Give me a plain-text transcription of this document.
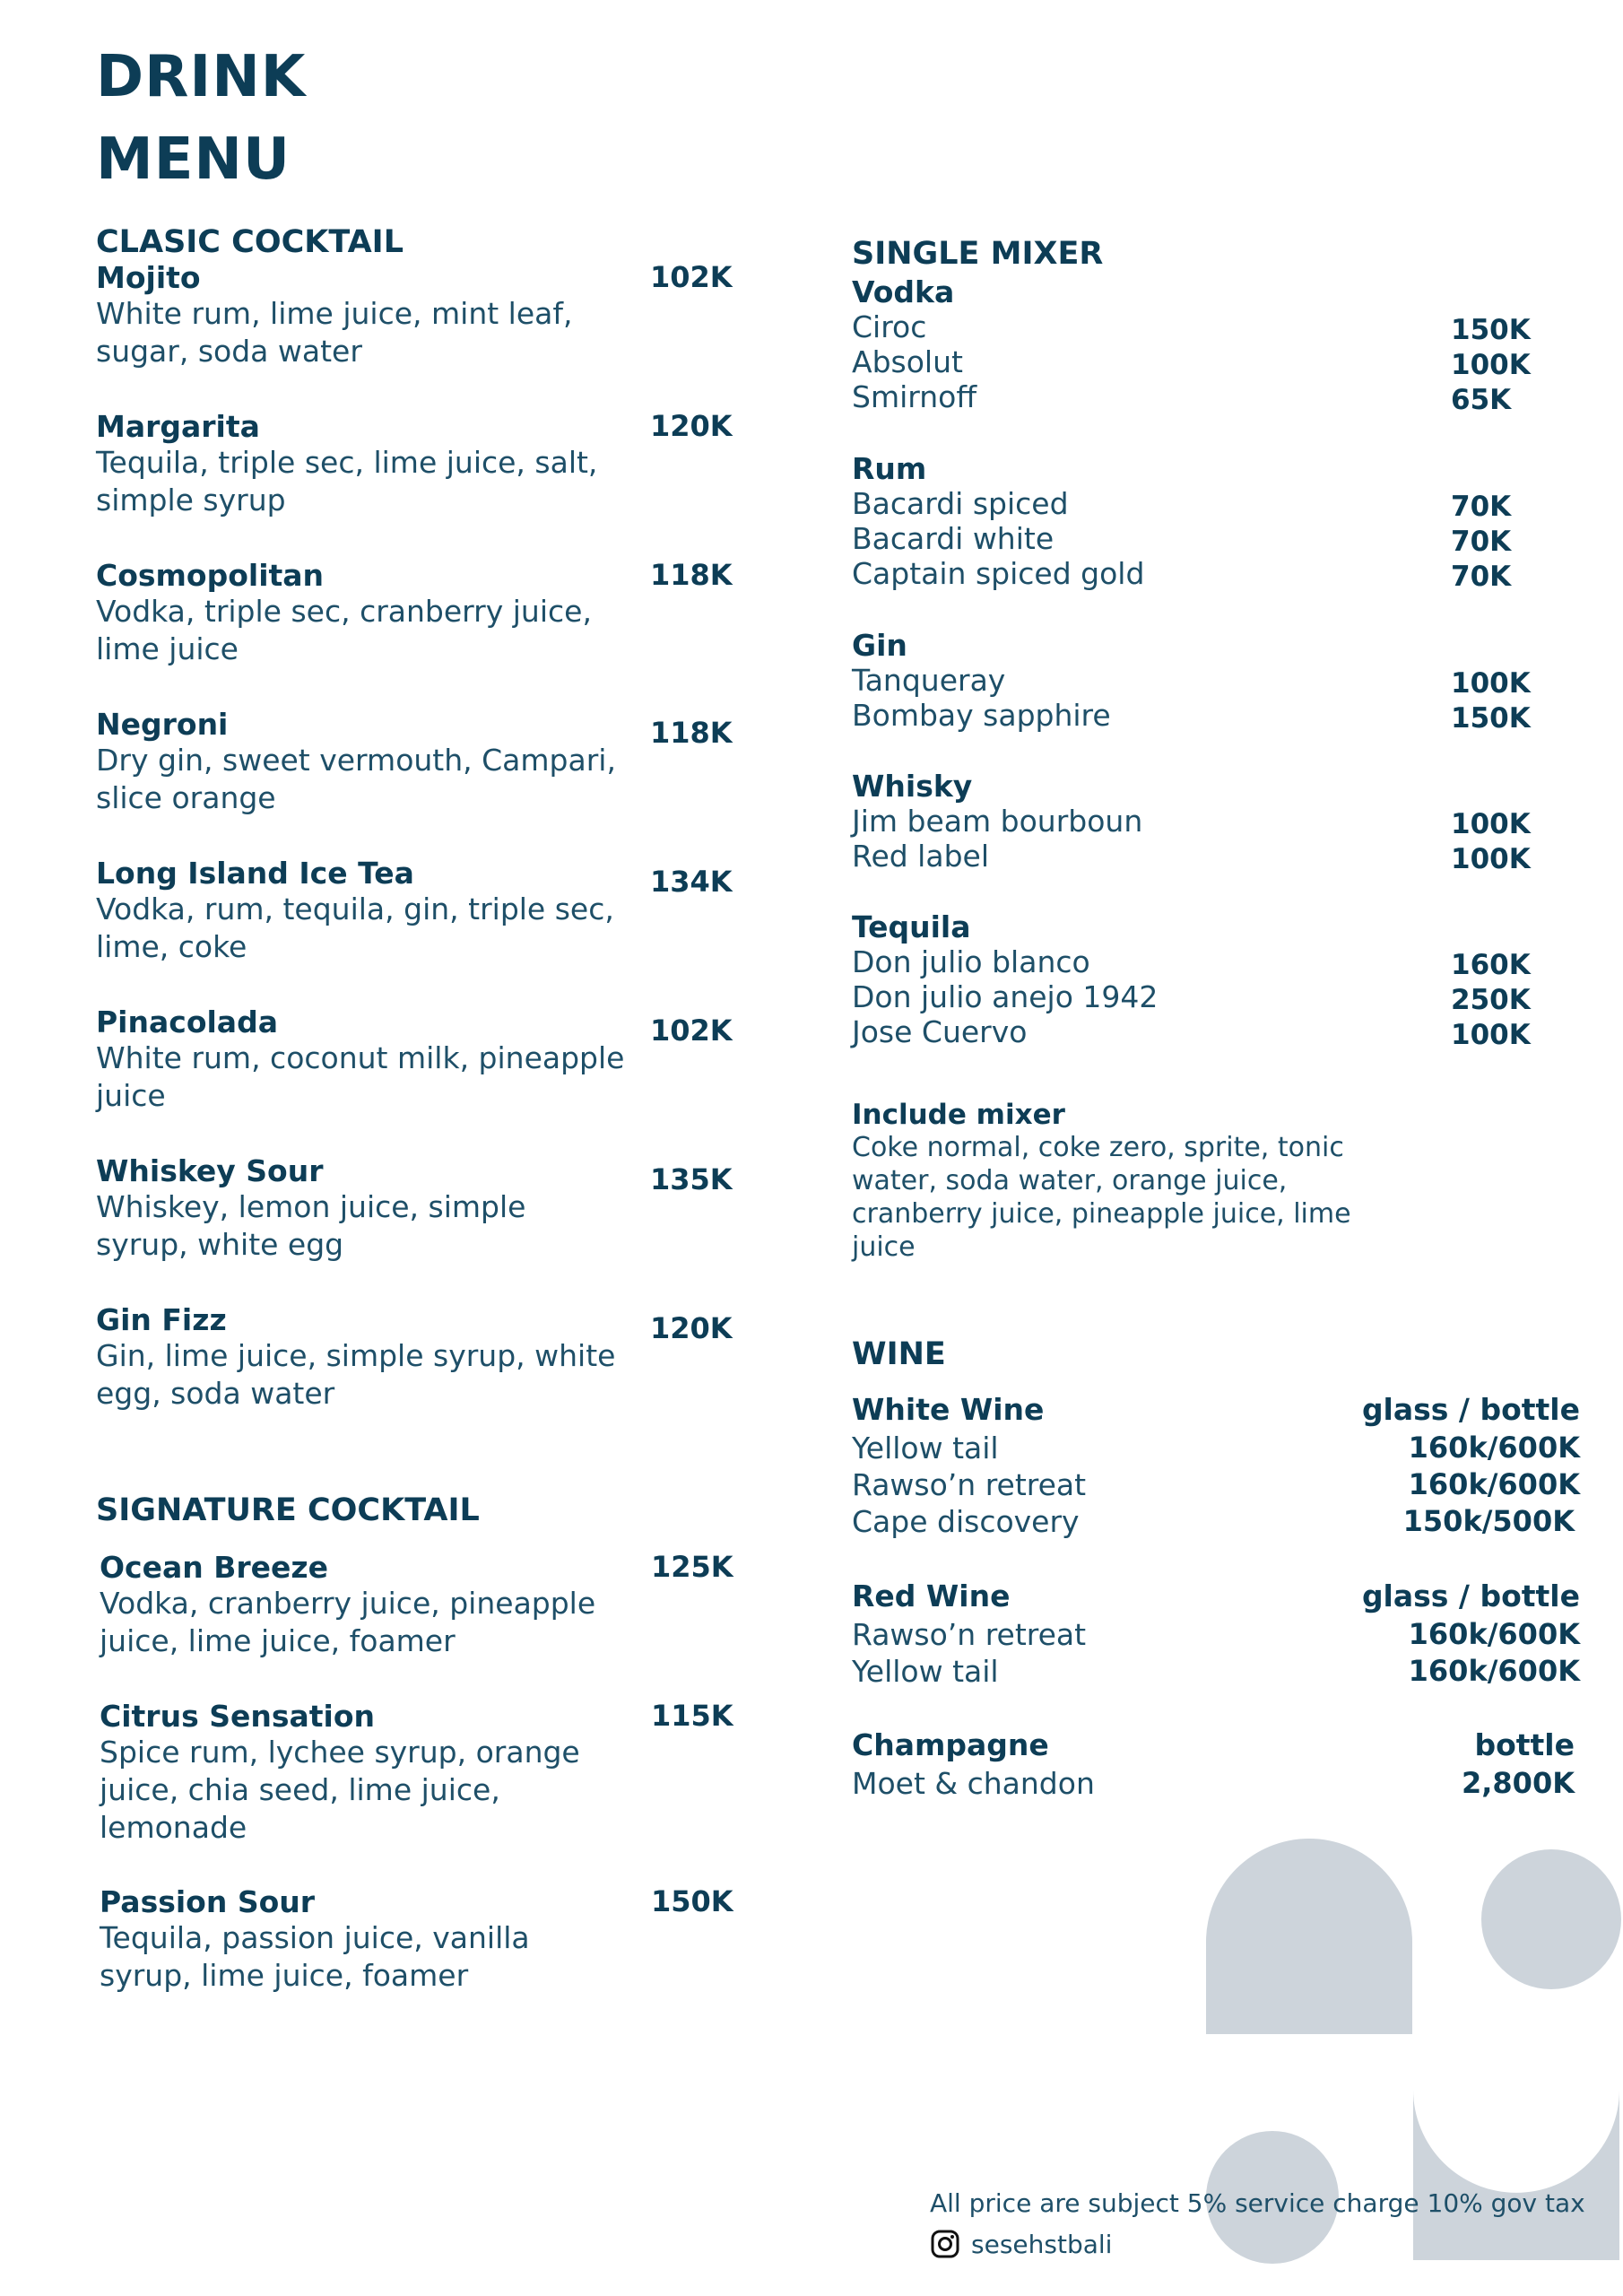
DRINK
MENU
CLASIC COCKTAIL
Mojito
White rum, lime juice, mint leaf, sugar, soda water
102K
Margarita
Tequila, triple sec, lime juice, salt, simple syrup
120K
Cosmopolitan
Vodka, triple sec, cranberry juice, lime juice
118K
Negroni
Dry gin, sweet vermouth, Campari, slice orange
118K
Long Island Ice Tea
Vodka, rum, tequila, gin, triple sec, lime, coke
134K
Pinacolada
White rum, coconut milk, pineapple juice
102K
Whiskey Sour
Whiskey, lemon juice, simple syrup, white egg
135K
Gin Fizz
Gin, lime juice, simple syrup, white egg, soda water
120K
SIGNATURE COCKTAIL
Ocean Breeze
Vodka, cranberry juice, pineapple juice, lime juice, foamer
125K
Citrus Sensation
Spice rum, lychee syrup, orange juice, chia seed, lime juice, lemonade
115K
Passion Sour
Tequila, passion juice, vanilla syrup, lime juice, foamer
150K
SINGLE MIXER
Vodka
Ciroc	150K
Absolut	100K
Smirnoff	65K
Rum
Bacardi spiced	70K
Bacardi white	70K
Captain spiced gold	70K
Gin
Tanqueray	100K
Bombay sapphire	150K
Whisky
Jim beam bourboun	100K
Red label	100K
Tequila
Don julio blanco	160K
Don julio anejo 1942	250K
Jose Cuervo	100K
Include mixer
Coke normal, coke zero, sprite, tonic water, soda water, orange juice, cranberry juice, pineapple juice, lime juice
WINE
White Wine	glass / bottle
Yellow tail	160k/600K
Rawso’n retreat	160k/600K
Cape discovery	150k/500K
Red Wine	glass / bottle
Rawso’n retreat	160k/600K
Yellow tail	160k/600K
Champagne	bottle
Moet & chandon	2,800K
All price are subject 5% service charge 10% gov tax
sesehstbali
